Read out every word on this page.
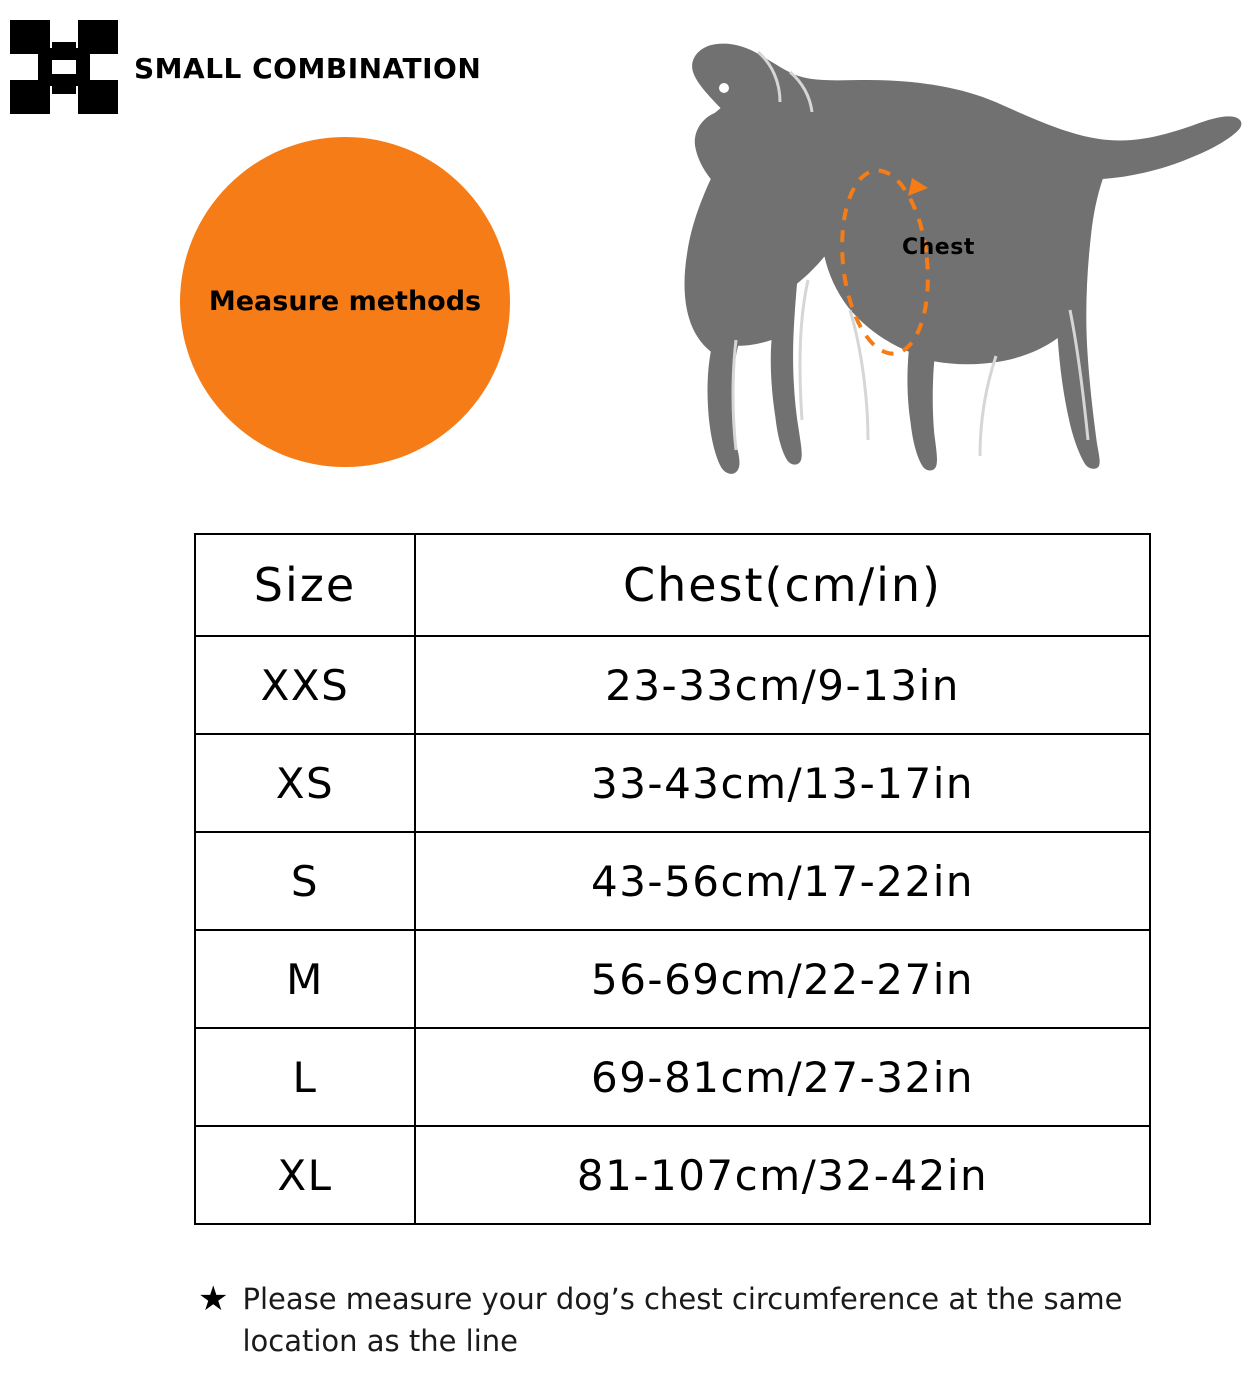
SMALL COMBINATION
Measure methods
Chest
Size	Chest(cm/in)
XXS	23-33cm/9-13in
XS	33-43cm/13-17in
S	43-56cm/17-22in
M	56-69cm/22-27in
L	69-81cm/27-32in
XL	81-107cm/32-42in
★ Please measure your dog’s chest circumference at the same location as the line
